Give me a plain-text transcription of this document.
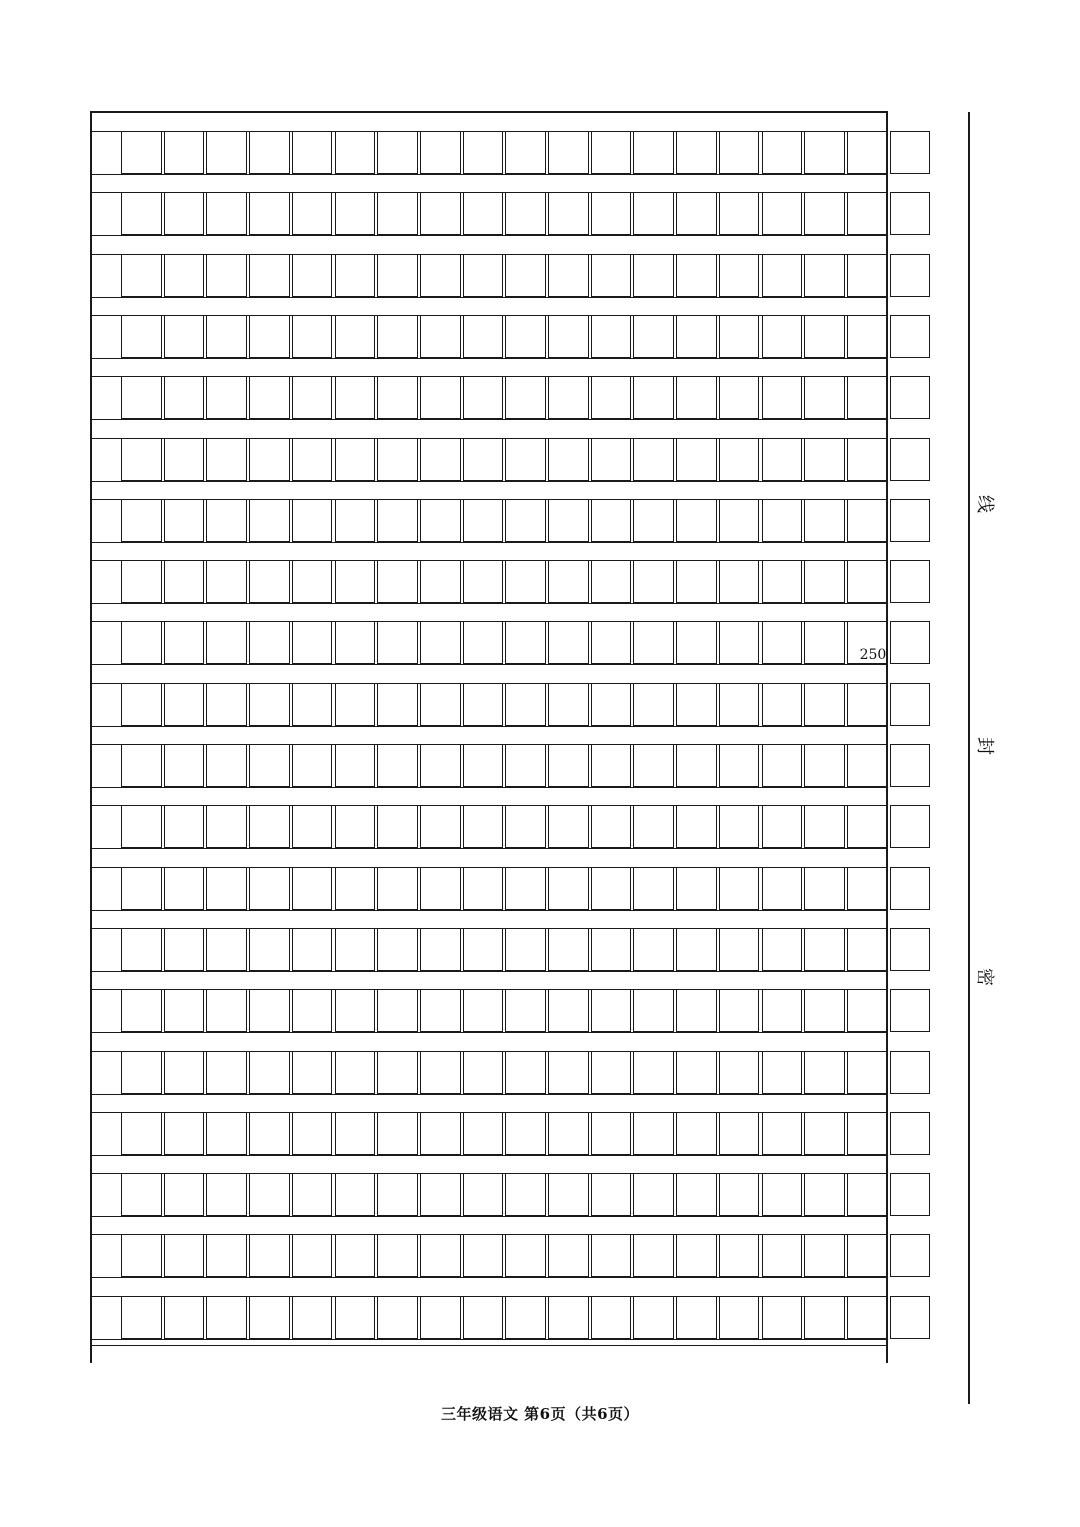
250
线
封
密
三年级语文 第6页（共6页）
